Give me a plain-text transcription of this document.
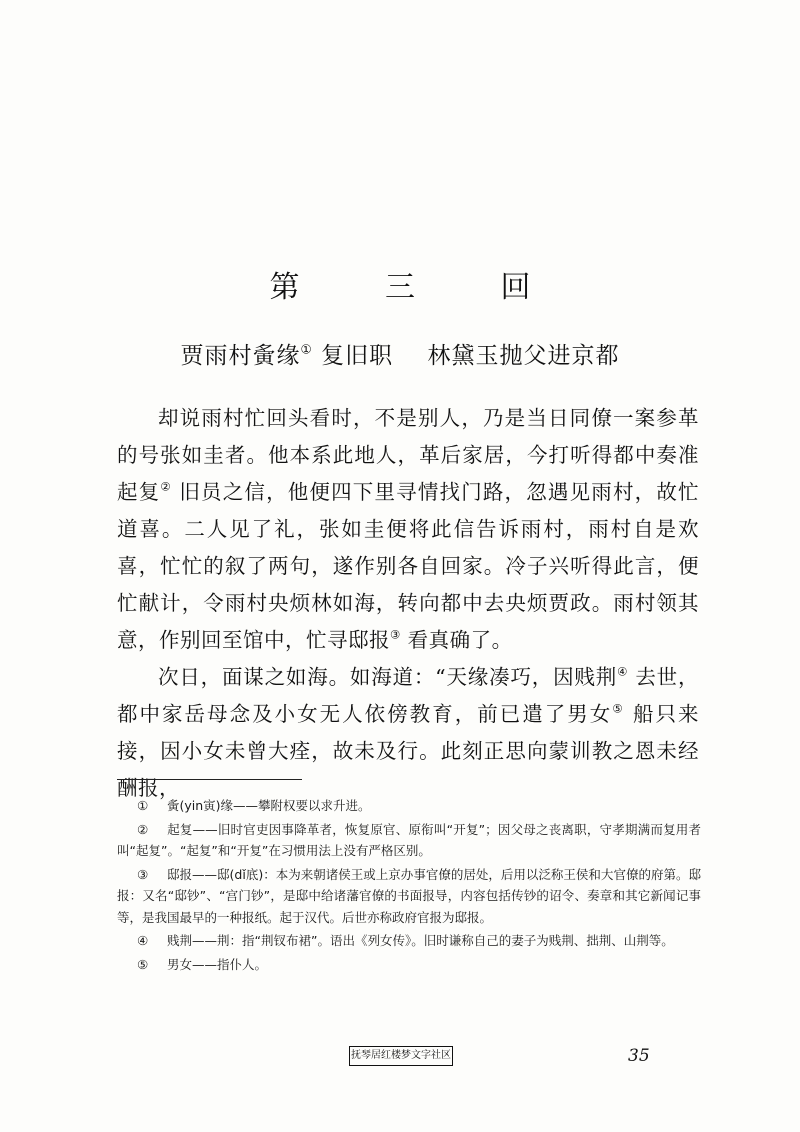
第 三 回
贾雨村夤缘① 复旧职 林黛玉抛父进京都

却说雨村忙回头看时，不是别人，乃是当日同僚一案参革的号张如圭者。他本系此地人，革后家居，今打听得都中奏准起复② 旧员之信，他便四下里寻情找门路，忽遇见雨村，故忙道喜。二人见了礼，张如圭便将此信告诉雨村，雨村自是欢喜，忙忙的叙了两句，遂作别各自回家。冷子兴听得此言，便忙献计，令雨村央烦林如海，转向都中去央烦贾政。雨村领其意，作别回至馆中，忙寻邸报③ 看真确了。

次日，面谋之如海。如海道：“天缘凑巧，因贱荆④ 去世，都中家岳母念及小女无人依傍教育，前已遣了男女⑤ 船只来接，因小女未曾大痊，故未及行。此刻正思向蒙训教之恩未经酬报，

① 夤(yin寅)缘——攀附权要以求升进。
② 起复——旧时官吏因事降革者，恢复原官、原衔叫“开复”；因父母之丧离职，守孝期满而复用者叫“起复”。“起复”和“开复”在习惯用法上没有严格区别。
③ 邸报——邸(dǐ底)：本为来朝诸侯王或上京办事官僚的居处，后用以泛称王侯和大官僚的府第。邸报：又名“邸钞”、“宫门钞”，是邸中给诸藩官僚的书面报导，内容包括传钞的诏令、奏章和其它新闻记事等，是我国最早的一种报纸。起于汉代。后世亦称政府官报为邸报。
④ 贱荆——荆：指“荆钗布裙”。语出《列女传》。旧时谦称自己的妻子为贱荆、拙荆、山荆等。
⑤ 男女——指仆人。
抚琴居红楼梦文字社区	35
